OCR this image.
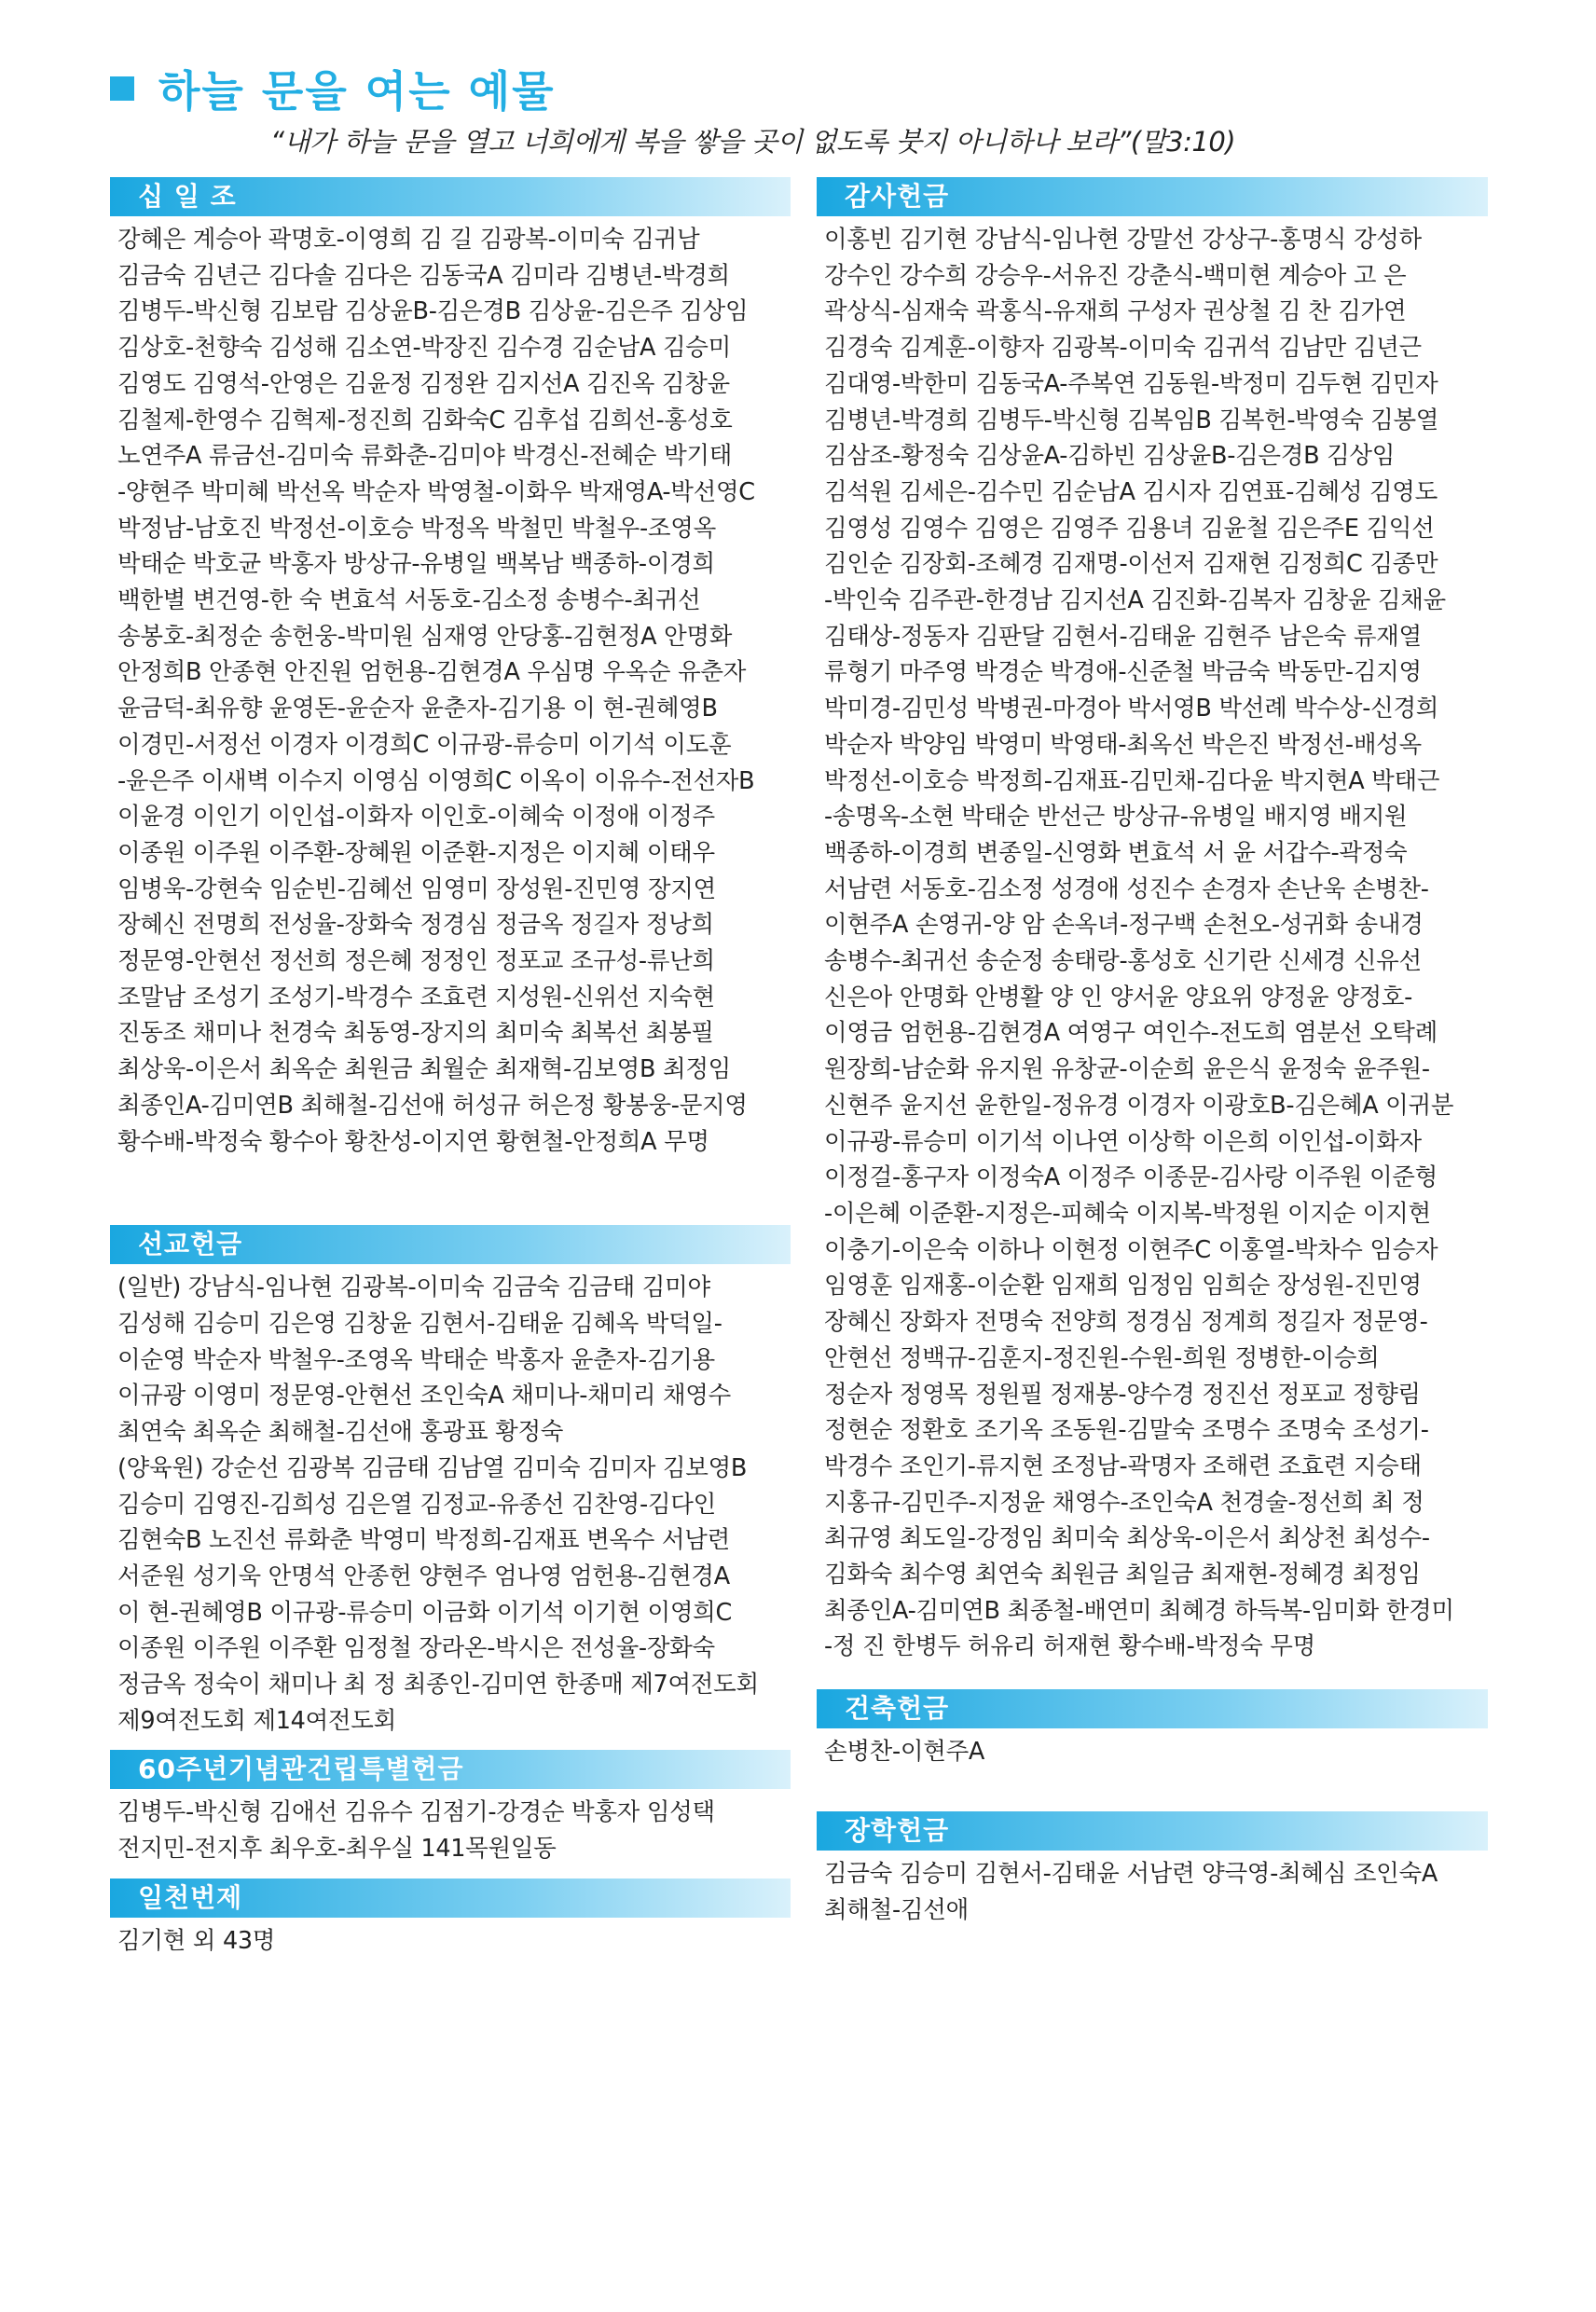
하늘 문을 여는 예물
“내가 하늘 문을 열고 너희에게 복을 쌓을 곳이 없도록 붓지 아니하나 보라”(말3:10)
십 일 조
강혜은 계승아 곽명호-이영희 김 길 김광복-이미숙 김귀남
김금숙 김년근 김다솔 김다은 김동국A 김미라 김병년-박경희
김병두-박신형 김보람 김상윤B-김은경B 김상윤-김은주 김상임
김상호-천향숙 김성해 김소연-박장진 김수경 김순남A 김승미
김영도 김영석-안영은 김윤정 김정완 김지선A 김진옥 김창윤
김철제-한영수 김혁제-정진희 김화숙C 김후섭 김희선-홍성호
노연주A 류금선-김미숙 류화춘-김미야 박경신-전혜순 박기태
-양현주 박미혜 박선옥 박순자 박영철-이화우 박재영A-박선영C
박정남-남호진 박정선-이호승 박정옥 박철민 박철우-조영옥
박태순 박호균 박홍자 방상규-유병일 백복남 백종하-이경희
백한별 변건영-한 숙 변효석 서동호-김소정 송병수-최귀선
송봉호-최정순 송헌웅-박미원 심재영 안당홍-김현정A 안명화
안정희B 안종현 안진원 엄헌용-김현경A 우심명 우옥순 유춘자
윤금덕-최유향 윤영돈-윤순자 윤춘자-김기용 이 현-권혜영B
이경민-서정선 이경자 이경희C 이규광-류승미 이기석 이도훈
-윤은주 이새벽 이수지 이영심 이영희C 이옥이 이유수-전선자B
이윤경 이인기 이인섭-이화자 이인호-이혜숙 이정애 이정주
이종원 이주원 이주환-장혜원 이준환-지정은 이지혜 이태우
임병욱-강현숙 임순빈-김혜선 임영미 장성원-진민영 장지연
장혜신 전명희 전성율-장화숙 정경심 정금옥 정길자 정낭희
정문영-안현선 정선희 정은혜 정정인 정포교 조규성-류난희
조말남 조성기 조성기-박경수 조효련 지성원-신위선 지숙현
진동조 채미나 천경숙 최동영-장지의 최미숙 최복선 최봉필
최상욱-이은서 최옥순 최원금 최월순 최재혁-김보영B 최정임
최종인A-김미연B 최해철-김선애 허성규 허은정 황봉웅-문지영
황수배-박정숙 황수아 황찬성-이지연 황현철-안정희A 무명
선교헌금
(일반) 강남식-임나현 김광복-이미숙 김금숙 김금태 김미야
김성해 김승미 김은영 김창윤 김현서-김태윤 김혜옥 박덕일-
이순영 박순자 박철우-조영옥 박태순 박홍자 윤춘자-김기용
이규광 이영미 정문영-안현선 조인숙A 채미나-채미리 채영수
최연숙 최옥순 최해철-김선애 홍광표 황정숙
(양육원) 강순선 김광복 김금태 김남열 김미숙 김미자 김보영B
김승미 김영진-김희성 김은열 김정교-유종선 김찬영-김다인
김현숙B 노진선 류화춘 박영미 박정희-김재표 변옥수 서남련
서준원 성기욱 안명석 안종헌 양현주 엄나영 엄헌용-김현경A
이 현-권혜영B 이규광-류승미 이금화 이기석 이기현 이영희C
이종원 이주원 이주환 임정철 장라온-박시은 전성율-장화숙
정금옥 정숙이 채미나 최 정 최종인-김미연 한종매 제7여전도회
제9여전도회 제14여전도회
60주년기념관건립특별헌금
김병두-박신형 김애선 김유수 김점기-강경순 박홍자 임성택
전지민-전지후 최우호-최우실 141목원일동
일천번제
김기현 외 43명
감사헌금
이홍빈 김기현 강남식-임나현 강말선 강상구-홍명식 강성하
강수인 강수희 강승우-서유진 강춘식-백미현 계승아 고 은
곽상식-심재숙 곽홍식-유재희 구성자 권상철 김 찬 김가연
김경숙 김계훈-이향자 김광복-이미숙 김귀석 김남만 김년근
김대영-박한미 김동국A-주복연 김동원-박정미 김두현 김민자
김병년-박경희 김병두-박신형 김복임B 김복헌-박영숙 김봉열
김삼조-황정숙 김상윤A-김하빈 김상윤B-김은경B 김상임
김석원 김세은-김수민 김순남A 김시자 김연표-김혜성 김영도
김영성 김영수 김영은 김영주 김용녀 김윤철 김은주E 김익선
김인순 김장회-조혜경 김재명-이선저 김재현 김정희C 김종만
-박인숙 김주관-한경남 김지선A 김진화-김복자 김창윤 김채윤
김태상-정동자 김판달 김현서-김태윤 김현주 남은숙 류재열
류형기 마주영 박경순 박경애-신준철 박금숙 박동만-김지영
박미경-김민성 박병권-마경아 박서영B 박선례 박수상-신경희
박순자 박양임 박영미 박영태-최옥선 박은진 박정선-배성옥
박정선-이호승 박정희-김재표-김민채-김다윤 박지현A 박태근
-송명옥-소현 박태순 반선근 방상규-유병일 배지영 배지원
백종하-이경희 변종일-신영화 변효석 서 윤 서갑수-곽정숙
서남련 서동호-김소정 성경애 성진수 손경자 손난욱 손병찬-
이현주A 손영귀-양 암 손옥녀-정구백 손천오-성귀화 송내경
송병수-최귀선 송순정 송태랑-홍성호 신기란 신세경 신유선
신은아 안명화 안병활 양 인 양서윤 양요위 양정윤 양정호-
이영금 엄헌용-김현경A 여영구 여인수-전도희 염분선 오탁례
원장희-남순화 유지원 유창균-이순희 윤은식 윤정숙 윤주원-
신현주 윤지선 윤한일-정유경 이경자 이광호B-김은혜A 이귀분
이규광-류승미 이기석 이나연 이상학 이은희 이인섭-이화자
이정걸-홍구자 이정숙A 이정주 이종문-김사랑 이주원 이준형
-이은혜 이준환-지정은-피혜숙 이지복-박정원 이지순 이지현
이충기-이은숙 이하나 이현정 이현주C 이홍열-박차수 임승자
임영훈 임재홍-이순환 임재희 임정임 임희순 장성원-진민영
장혜신 장화자 전명숙 전양희 정경심 정계희 정길자 정문영-
안현선 정백규-김훈지-정진원-수원-희원 정병한-이승희
정순자 정영목 정원필 정재봉-양수경 정진선 정포교 정향림
정현순 정환호 조기옥 조동원-김말숙 조명수 조명숙 조성기-
박경수 조인기-류지현 조정남-곽명자 조해련 조효련 지승태
지홍규-김민주-지정윤 채영수-조인숙A 천경술-정선희 최 정
최규영 최도일-강정임 최미숙 최상욱-이은서 최상천 최성수-
김화숙 최수영 최연숙 최원금 최일금 최재현-정혜경 최정임
최종인A-김미연B 최종철-배연미 최혜경 하득복-임미화 한경미
-정 진 한병두 허유리 허재현 황수배-박정숙 무명
건축헌금
손병찬-이현주A
장학헌금
김금숙 김승미 김현서-김태윤 서남련 양극영-최혜심 조인숙A
최해철-김선애
